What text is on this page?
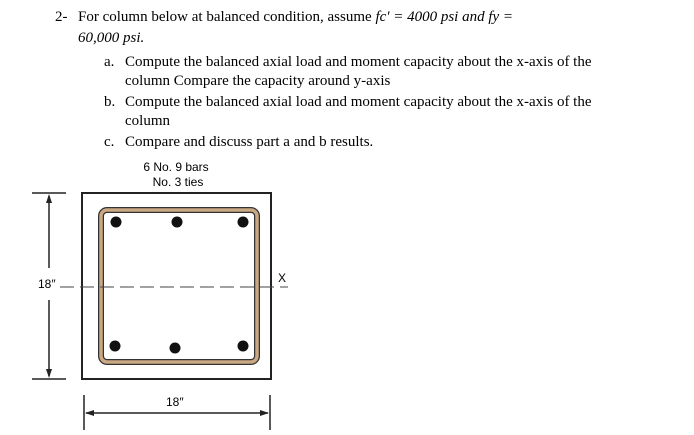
2- For column below at balanced condition, assume fc' = 4000 psi and fy =
60,000 psi.
a. Compute the balanced axial load and moment capacity about the x-axis of the
column Compare the capacity around y-axis
b. Compute the balanced axial load and moment capacity about the x-axis of the
column
c. Compare and discuss part a and b results.
6 No. 9 bars
No. 3 ties
X
18″
18″
